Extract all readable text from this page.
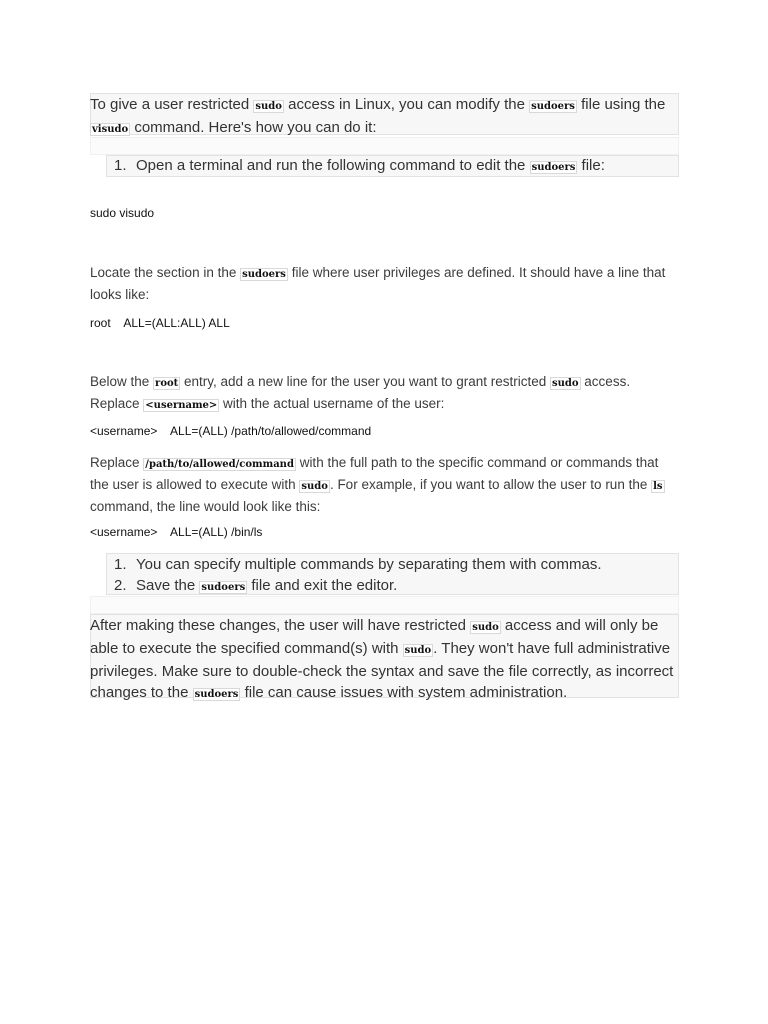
To give a user restricted sudo access in Linux, you can modify the sudoers file using the visudo command. Here's how you can do it:
1. Open a terminal and run the following command to edit the sudoers file:
sudo visudo
Locate the section in the sudoers file where user privileges are defined. It should have a line that looks like:
root    ALL=(ALL:ALL) ALL
Below the root entry, add a new line for the user you want to grant restricted sudo access. Replace <username> with the actual username of the user:
<username>    ALL=(ALL) /path/to/allowed/command
Replace /path/to/allowed/command with the full path to the specific command or commands that the user is allowed to execute with sudo . For example, if you want to allow the user to run the ls command, the line would look like this:
<username>    ALL=(ALL) /bin/ls
1. You can specify multiple commands by separating them with commas.
2. Save the sudoers file and exit the editor.
After making these changes, the user will have restricted sudo access and will only be able to execute the specified command(s) with sudo . They won't have full administrative privileges. Make sure to double-check the syntax and save the file correctly, as incorrect changes to the sudoers file can cause issues with system administration.
